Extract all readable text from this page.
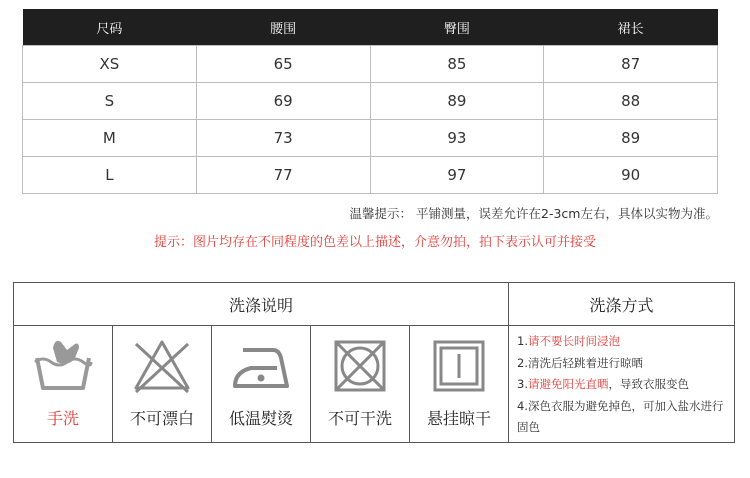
尺码	腰围	臀围	裙长
XS	65	85	87
S	69	89	88
M	73	93	89
L	77	97	90
温馨提示： 平铺测量，误差允许在2-3cm左右，具体以实物为准。
提示：图片均存在不同程度的色差以上描述，介意勿拍，拍下表示认可并接受
洗涤说明	洗涤方式
手洗	不可漂白	低温熨烫	不可干洗	悬挂晾干
1.请不要长时间浸泡
2.清洗后轻跳着进行晾晒
3.请避免阳光直晒，导致衣服变色
4.深色衣服为避免掉色，可加入盐水进行固色
